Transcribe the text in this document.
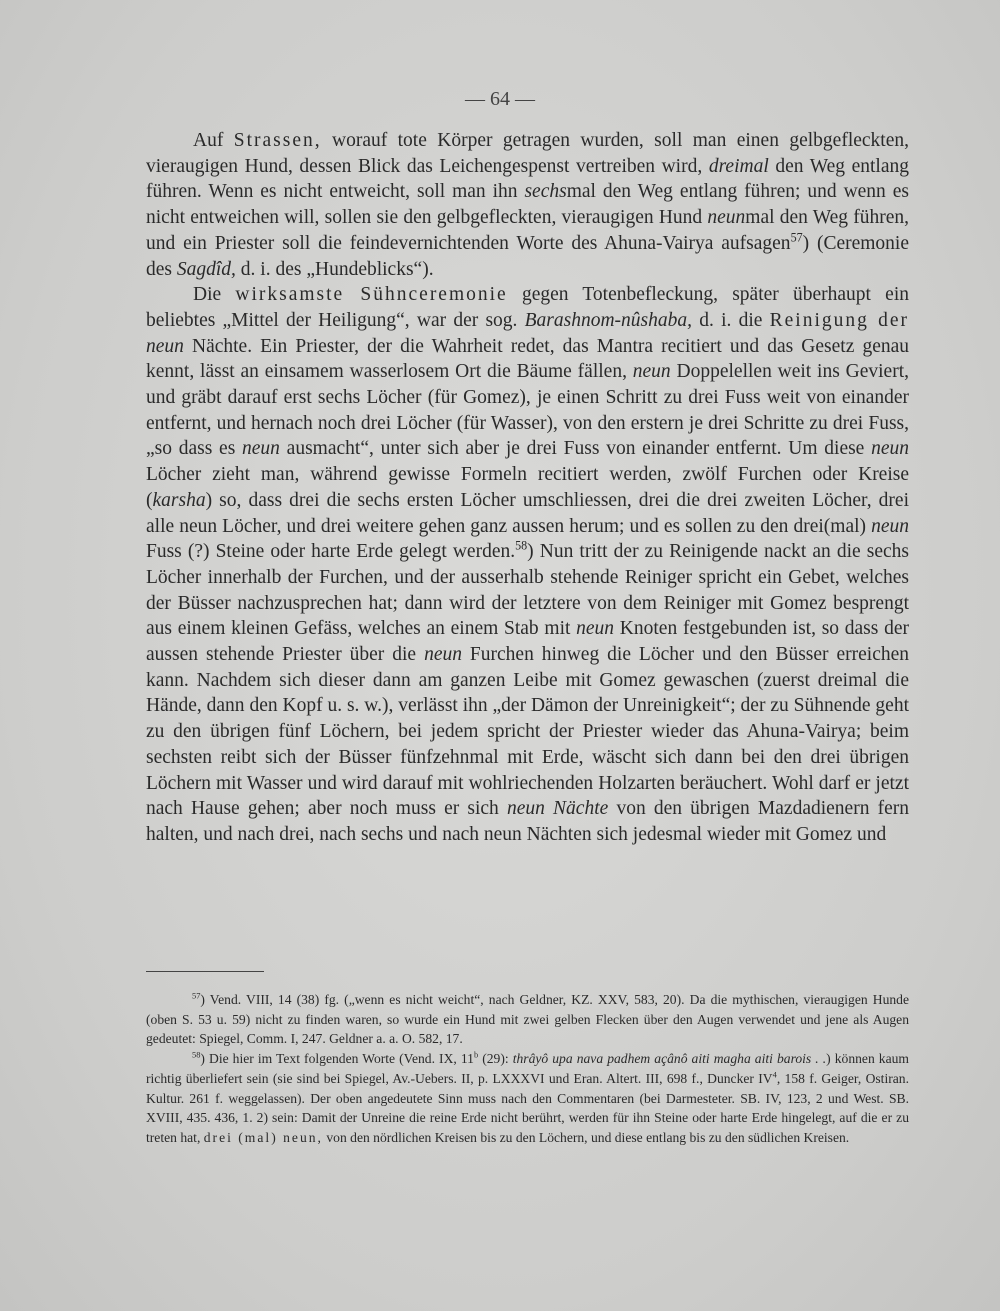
— 64 —

Auf Strassen, worauf tote Körper getragen wurden, soll man einen gelbgefleckten, vieraugigen Hund, dessen Blick das Leichengespenst vertreiben wird, dreimal den Weg entlang führen. Wenn es nicht entweicht, soll man ihn sechsmal den Weg entlang führen; und wenn es nicht entweichen will, sollen sie den gelbgefleckten, vieraugigen Hund neunmal den Weg führen, und ein Priester soll die feindevernichtenden Worte des Ahuna-Vairya aufsagen$^{57}$) (Ceremonie des Sagdîd, d. i. des „Hundeblicks“).

Die wirksamste Sühnceremonie gegen Totenbefleckung, später überhaupt ein beliebtes „Mittel der Heiligung“, war der sog. Barashnom-nûshaba, d. i. die Reinigung der neun Nächte. Ein Priester, der die Wahrheit redet, das Mantra recitiert und das Gesetz genau kennt, lässt an einsamem wasserlosem Ort die Bäume fällen, neun Doppelellen weit ins Geviert, und gräbt darauf erst sechs Löcher (für Gomez), je einen Schritt zu drei Fuss weit von einander entfernt, und hernach noch drei Löcher (für Wasser), von den erstern je drei Schritte zu drei Fuss, „so dass es neun ausmacht“, unter sich aber je drei Fuss von einander entfernt. Um diese neun Löcher zieht man, während gewisse Formeln recitiert werden, zwölf Furchen oder Kreise (karsha) so, dass drei die sechs ersten Löcher umschliessen, drei die drei zweiten Löcher, drei alle neun Löcher, und drei weitere gehen ganz aussen herum; und es sollen zu den drei(mal) neun Fuss (?) Steine oder harte Erde gelegt werden.$^{58}$) Nun tritt der zu Reinigende nackt an die sechs Löcher innerhalb der Furchen, und der ausserhalb stehende Reiniger spricht ein Gebet, welches der Büsser nachzusprechen hat; dann wird der letztere von dem Reiniger mit Gomez besprengt aus einem kleinen Gefäss, welches an einem Stab mit neun Knoten festgebunden ist, so dass der aussen stehende Priester über die neun Furchen hinweg die Löcher und den Büsser erreichen kann. Nachdem sich dieser dann am ganzen Leibe mit Gomez gewaschen (zuerst dreimal die Hände, dann den Kopf u. s. w.), verlässt ihn „der Dämon der Unreinigkeit“; der zu Sühnende geht zu den übrigen fünf Löchern, bei jedem spricht der Priester wieder das Ahuna-Vairya; beim sechsten reibt sich der Büsser fünfzehnmal mit Erde, wäscht sich dann bei den drei übrigen Löchern mit Wasser und wird darauf mit wohlriechenden Holzarten beräuchert. Wohl darf er jetzt nach Hause gehen; aber noch muss er sich neun Nächte von den übrigen Mazdadienern fern halten, und nach drei, nach sechs und nach neun Nächten sich jedesmal wieder mit Gomez und

$^{57}$) Vend. VIII, 14 (38) fg. („wenn es nicht weicht“, nach Geldner, KZ. XXV, 583, 20). Da die mythischen, vieraugigen Hunde (oben S. 53 u. 59) nicht zu finden waren, so wurde ein Hund mit zwei gelben Flecken über den Augen verwendet und jene als Augen gedeutet: Spiegel, Comm. I, 247. Geldner a. a. O. 582, 17.

$^{58}$) Die hier im Text folgenden Worte (Vend. IX, 11$^b$ (29): thrâyô upa nava padhem açânô aiti magha aiti barois . .) können kaum richtig überliefert sein (sie sind bei Spiegel, Av.-Uebers. II, p. LXXXVI und Eran. Altert. III, 698 f., Duncker $IV^4$, 158 f. Geiger, Ostiran. Kultur. 261 f. weggelassen). Der oben angedeutete Sinn muss nach den Commentaren (bei Darmesteter. SB. IV, 123, 2 und West. SB. XVIII, 435. 436, 1. 2) sein: Damit der Unreine die reine Erde nicht berührt, werden für ihn Steine oder harte Erde hingelegt, auf die er zu treten hat, drei (mal) neun, von den nördlichen Kreisen bis zu den Löchern, und diese entlang bis zu den südlichen Kreisen.
